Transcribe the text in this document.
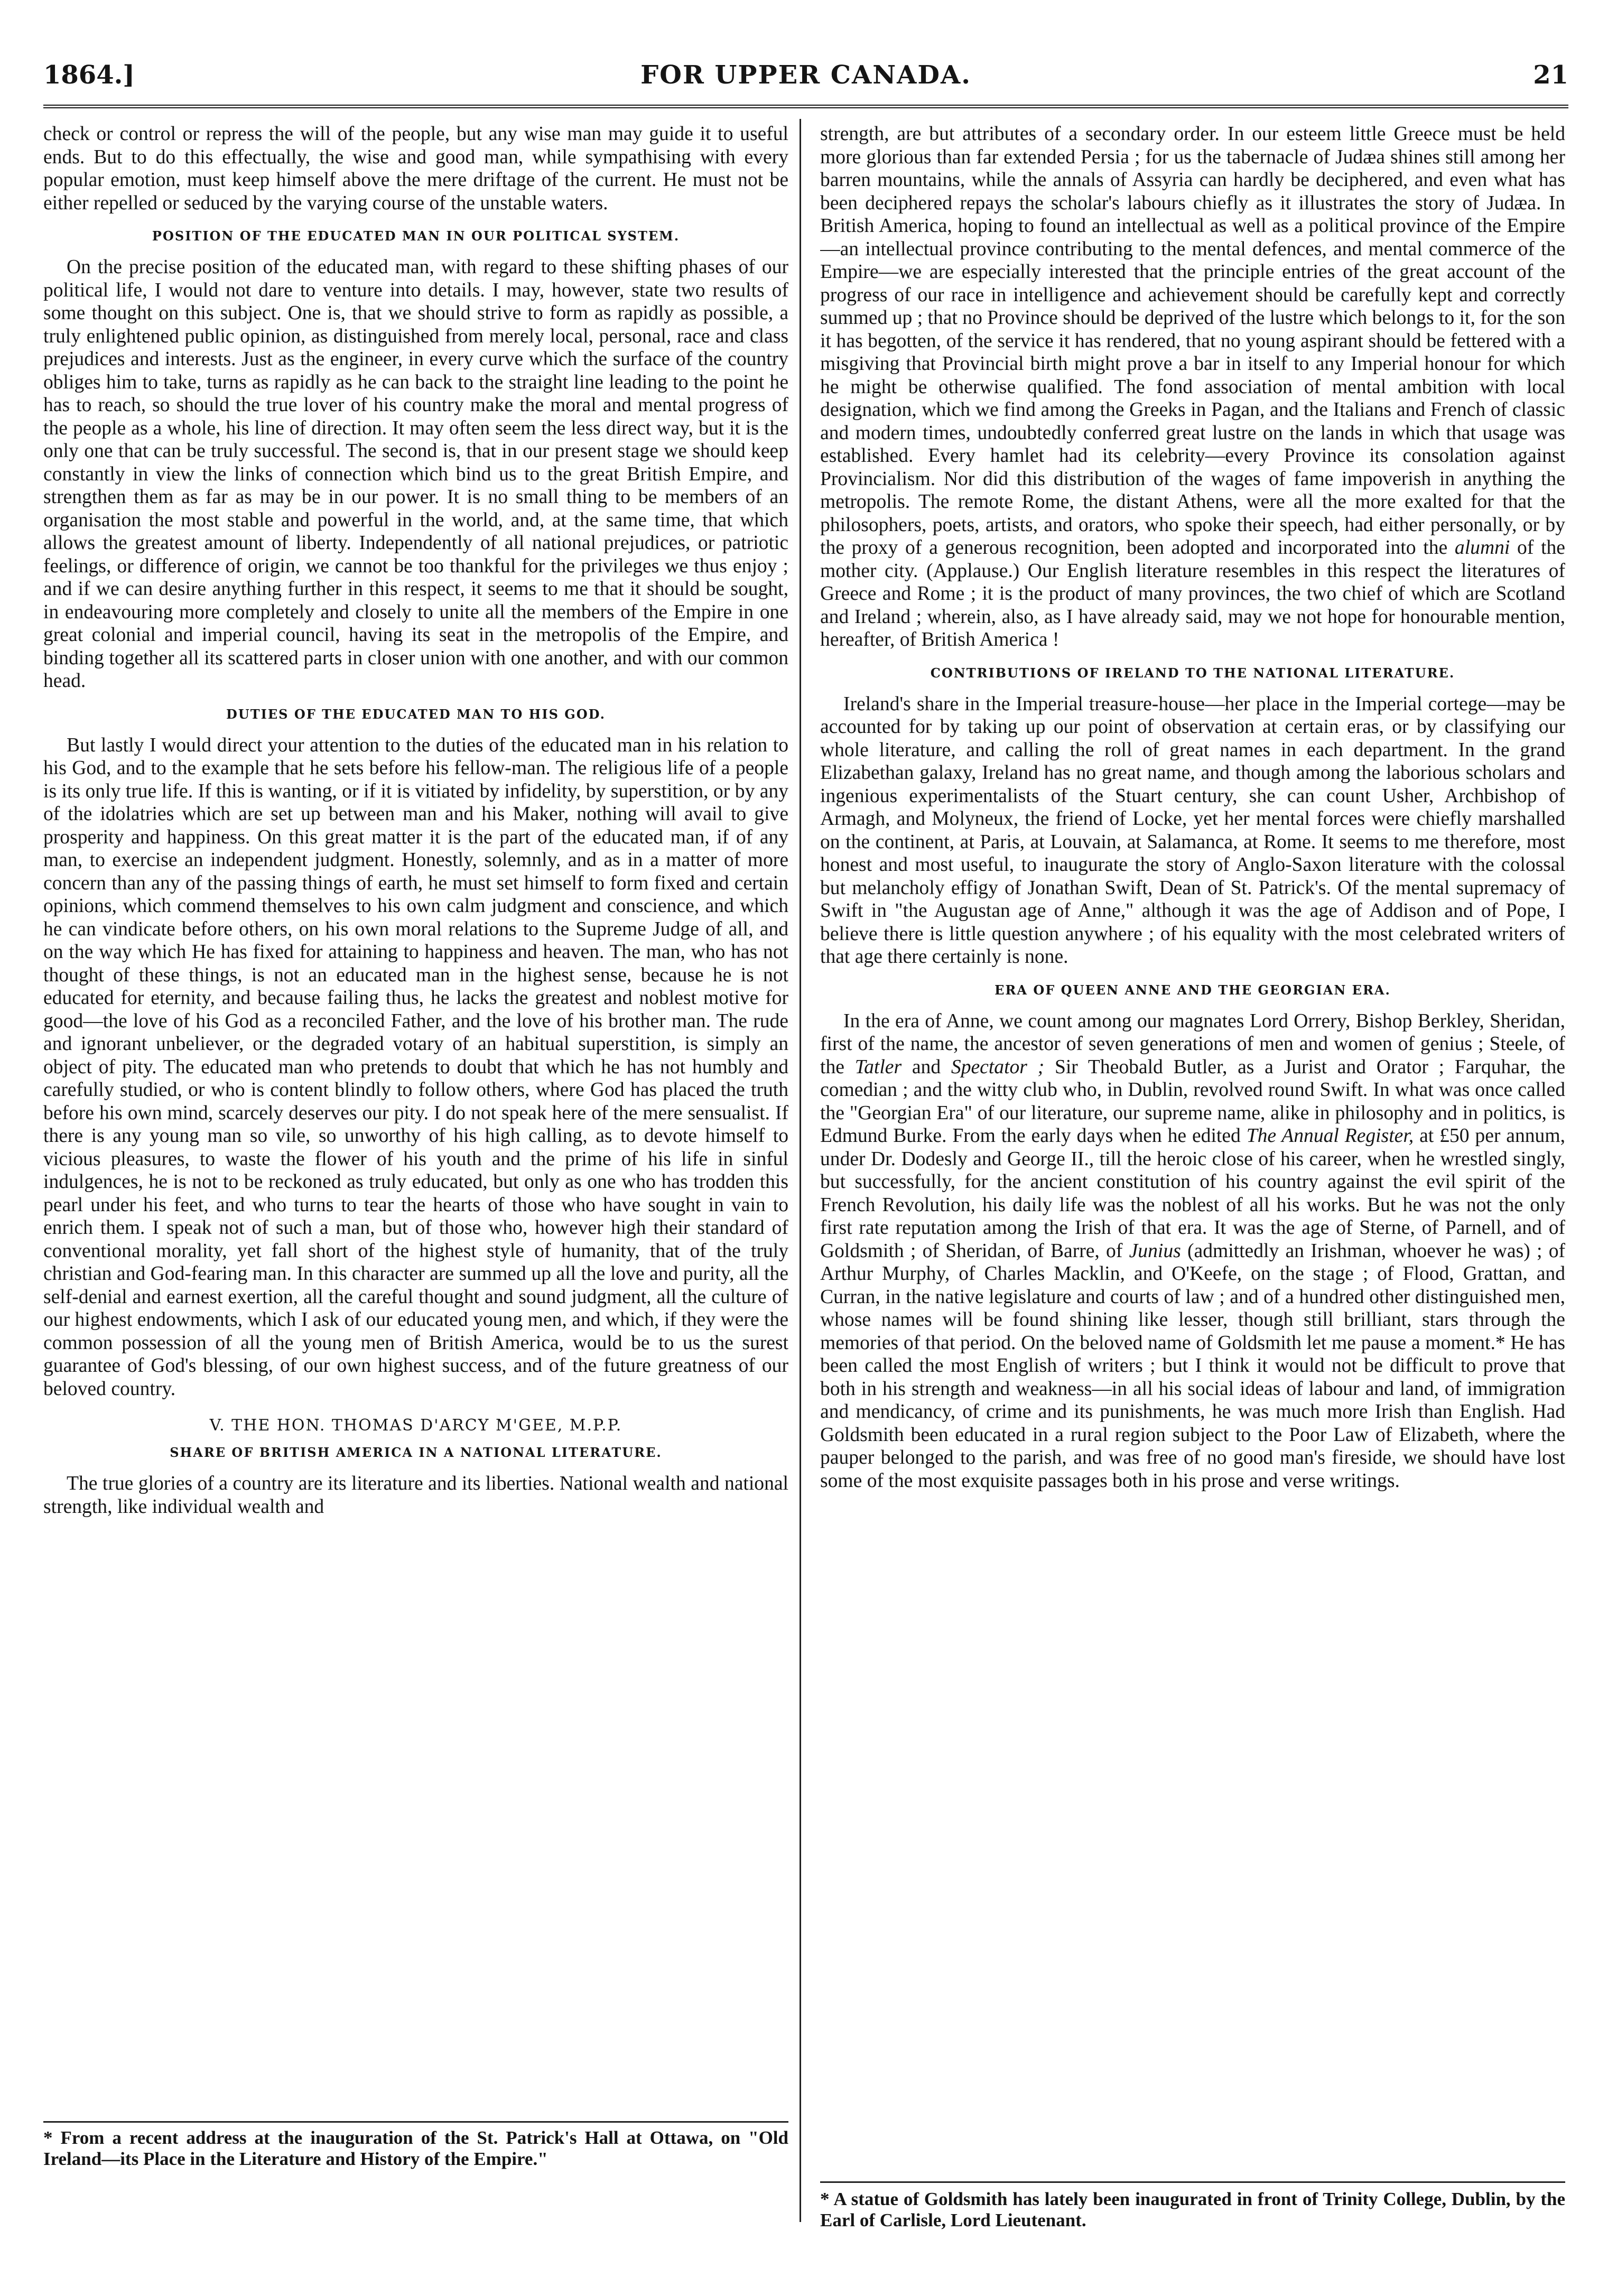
1864.]	FOR UPPER CANADA.	21

check or control or repress the will of the people, but any wise man may guide it to useful ends. But to do this effectually, the wise and good man, while sympathising with every popular emotion, must keep himself above the mere driftage of the current. He must not be either repelled or seduced by the varying course of the unstable waters.

POSITION OF THE EDUCATED MAN IN OUR POLITICAL SYSTEM.

On the precise position of the educated man, with regard to these shifting phases of our political life, I would not dare to venture into details. I may, however, state two results of some thought on this subject. One is, that we should strive to form as rapidly as possible, a truly enlightened public opinion, as distinguished from merely local, personal, race and class prejudices and interests. Just as the engineer, in every curve which the surface of the country obliges him to take, turns as rapidly as he can back to the straight line leading to the point he has to reach, so should the true lover of his country make the moral and mental progress of the people as a whole, his line of direction. It may often seem the less direct way, but it is the only one that can be truly successful. The second is, that in our present stage we should keep constantly in view the links of connection which bind us to the great British Empire, and strengthen them as far as may be in our power. It is no small thing to be members of an organisation the most stable and powerful in the world, and, at the same time, that which allows the greatest amount of liberty. Independently of all national prejudices, or patriotic feelings, or difference of origin, we cannot be too thankful for the privileges we thus enjoy ; and if we can desire anything further in this respect, it seems to me that it should be sought, in endeavouring more completely and closely to unite all the members of the Empire in one great colonial and imperial council, having its seat in the metropolis of the Empire, and binding together all its scattered parts in closer union with one another, and with our common head.

DUTIES OF THE EDUCATED MAN TO HIS GOD.

But lastly I would direct your attention to the duties of the educated man in his relation to his God, and to the example that he sets before his fellow-man. The religious life of a people is its only true life. If this is wanting, or if it is vitiated by infidelity, by superstition, or by any of the idolatries which are set up between man and his Maker, nothing will avail to give prosperity and happiness. On this great matter it is the part of the educated man, if of any man, to exercise an independent judgment. Honestly, solemnly, and as in a matter of more concern than any of the passing things of earth, he must set himself to form fixed and certain opinions, which commend themselves to his own calm judgment and conscience, and which he can vindicate before others, on his own moral relations to the Supreme Judge of all, and on the way which He has fixed for attaining to happiness and heaven. The man, who has not thought of these things, is not an educated man in the highest sense, because he is not educated for eternity, and because failing thus, he lacks the greatest and noblest motive for good—the love of his God as a reconciled Father, and the love of his brother man. The rude and ignorant unbeliever, or the degraded votary of an habitual superstition, is simply an object of pity. The educated man who pretends to doubt that which he has not humbly and carefully studied, or who is content blindly to follow others, where God has placed the truth before his own mind, scarcely deserves our pity. I do not speak here of the mere sensualist. If there is any young man so vile, so unworthy of his high calling, as to devote himself to vicious pleasures, to waste the flower of his youth and the prime of his life in sinful indulgences, he is not to be reckoned as truly educated, but only as one who has trodden this pearl under his feet, and who turns to tear the hearts of those who have sought in vain to enrich them. I speak not of such a man, but of those who, however high their standard of conventional morality, yet fall short of the highest style of humanity, that of the truly christian and God-fearing man. In this character are summed up all the love and purity, all the self-denial and earnest exertion, all the careful thought and sound judgment, all the culture of our highest endowments, which I ask of our educated young men, and which, if they were the common possession of all the young men of British America, would be to us the surest guarantee of God's blessing, of our own highest success, and of the future greatness of our beloved country.

V. THE HON. THOMAS D'ARCY M'GEE, M.P.P.
SHARE OF BRITISH AMERICA IN A NATIONAL LITERATURE.

The true glories of a country are its literature and its liberties. National wealth and national strength, like individual wealth and

* From a recent address at the inauguration of the St. Patrick's Hall at Ottawa, on "Old Ireland—its Place in the Literature and History of the Empire."

strength, are but attributes of a secondary order. In our esteem little Greece must be held more glorious than far extended Persia ; for us the tabernacle of Judæa shines still among her barren mountains, while the annals of Assyria can hardly be deciphered, and even what has been deciphered repays the scholar's labours chiefly as it illustrates the story of Judæa. In British America, hoping to found an intellectual as well as a political province of the Empire—an intellectual province contributing to the mental defences, and mental commerce of the Empire—we are especially interested that the principle entries of the great account of the progress of our race in intelligence and achievement should be carefully kept and correctly summed up ; that no Province should be deprived of the lustre which belongs to it, for the son it has begotten, of the service it has rendered, that no young aspirant should be fettered with a misgiving that Provincial birth might prove a bar in itself to any Imperial honour for which he might be otherwise qualified. The fond association of mental ambition with local designation, which we find among the Greeks in Pagan, and the Italians and French of classic and modern times, undoubtedly conferred great lustre on the lands in which that usage was established. Every hamlet had its celebrity—every Province its consolation against Provincialism. Nor did this distribution of the wages of fame impoverish in anything the metropolis. The remote Rome, the distant Athens, were all the more exalted for that the philosophers, poets, artists, and orators, who spoke their speech, had either personally, or by the proxy of a generous recognition, been adopted and incorporated into the alumni of the mother city. (Applause.) Our English literature resembles in this respect the literatures of Greece and Rome ; it is the product of many provinces, the two chief of which are Scotland and Ireland ; wherein, also, as I have already said, may we not hope for honourable mention, hereafter, of British America !

CONTRIBUTIONS OF IRELAND TO THE NATIONAL LITERATURE.

Ireland's share in the Imperial treasure-house—her place in the Imperial cortege—may be accounted for by taking up our point of observation at certain eras, or by classifying our whole literature, and calling the roll of great names in each department. In the grand Elizabethan galaxy, Ireland has no great name, and though among the laborious scholars and ingenious experimentalists of the Stuart century, she can count Usher, Archbishop of Armagh, and Molyneux, the friend of Locke, yet her mental forces were chiefly marshalled on the continent, at Paris, at Louvain, at Salamanca, at Rome. It seems to me therefore, most honest and most useful, to inaugurate the story of Anglo-Saxon literature with the colossal but melancholy effigy of Jonathan Swift, Dean of St. Patrick's. Of the mental supremacy of Swift in "the Augustan age of Anne," although it was the age of Addison and of Pope, I believe there is little question anywhere ; of his equality with the most celebrated writers of that age there certainly is none.

ERA OF QUEEN ANNE AND THE GEORGIAN ERA.

In the era of Anne, we count among our magnates Lord Orrery, Bishop Berkley, Sheridan, first of the name, the ancestor of seven generations of men and women of genius ; Steele, of the Tatler and Spectator ; Sir Theobald Butler, as a Jurist and Orator ; Farquhar, the comedian ; and the witty club who, in Dublin, revolved round Swift. In what was once called the "Georgian Era" of our literature, our supreme name, alike in philosophy and in politics, is Edmund Burke. From the early days when he edited The Annual Register, at £50 per annum, under Dr. Dodesly and George II., till the heroic close of his career, when he wrestled singly, but successfully, for the ancient constitution of his country against the evil spirit of the French Revolution, his daily life was the noblest of all his works. But he was not the only first rate reputation among the Irish of that era. It was the age of Sterne, of Parnell, and of Goldsmith ; of Sheridan, of Barre, of Junius (admittedly an Irishman, whoever he was) ; of Arthur Murphy, of Charles Macklin, and O'Keefe, on the stage ; of Flood, Grattan, and Curran, in the native legislature and courts of law ; and of a hundred other distinguished men, whose names will be found shining like lesser, though still brilliant, stars through the memories of that period. On the beloved name of Goldsmith let me pause a moment.* He has been called the most English of writers ; but I think it would not be difficult to prove that both in his strength and weakness—in all his social ideas of labour and land, of immigration and mendicancy, of crime and its punishments, he was much more Irish than English. Had Goldsmith been educated in a rural region subject to the Poor Law of Elizabeth, where the pauper belonged to the parish, and was free of no good man's fireside, we should have lost some of the most exquisite passages both in his prose and verse writings.

* A statue of Goldsmith has lately been inaugurated in front of Trinity College, Dublin, by the Earl of Carlisle, Lord Lieutenant.
